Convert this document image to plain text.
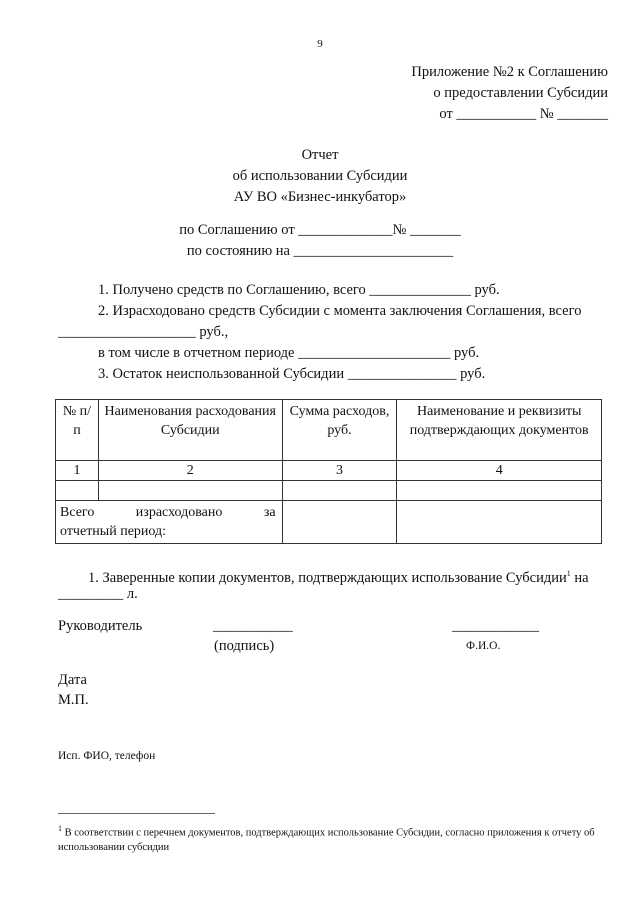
9
Приложение №2 к Соглашению
о предоставлении Субсидии
от ___________ № _______
Отчет
об использовании Субсидии
АУ ВО «Бизнес-инкубатор»
по Соглашению от _____________№ _______
по состоянию на ______________________
1. Получено средств по Соглашению, всего ______________ руб.
2. Израсходовано средств Субсидии с момента заключения Соглашения, всего
___________________ руб.,
в том числе в отчетном периоде _____________________ руб.
3. Остаток неиспользованной Субсидии _______________ руб.
№ п/п	Наименования расходования Субсидии	Сумма расходов, руб.	Наименование и реквизиты подтверждающих документов
1	2	3	4

Всего израсходовано за
отчетный период:			

1. Заверенные копии документов, подтверждающих использование Субсидии$^1$ на
_________ л.
Руководитель	___________	____________
(подпись)	Ф.И.О.
Дата
М.П.
Исп. ФИО, телефон
$^1$ В соответствии с перечнем документов, подтверждающих использование Субсидии, согласно приложения к отчету об использовании субсидии
